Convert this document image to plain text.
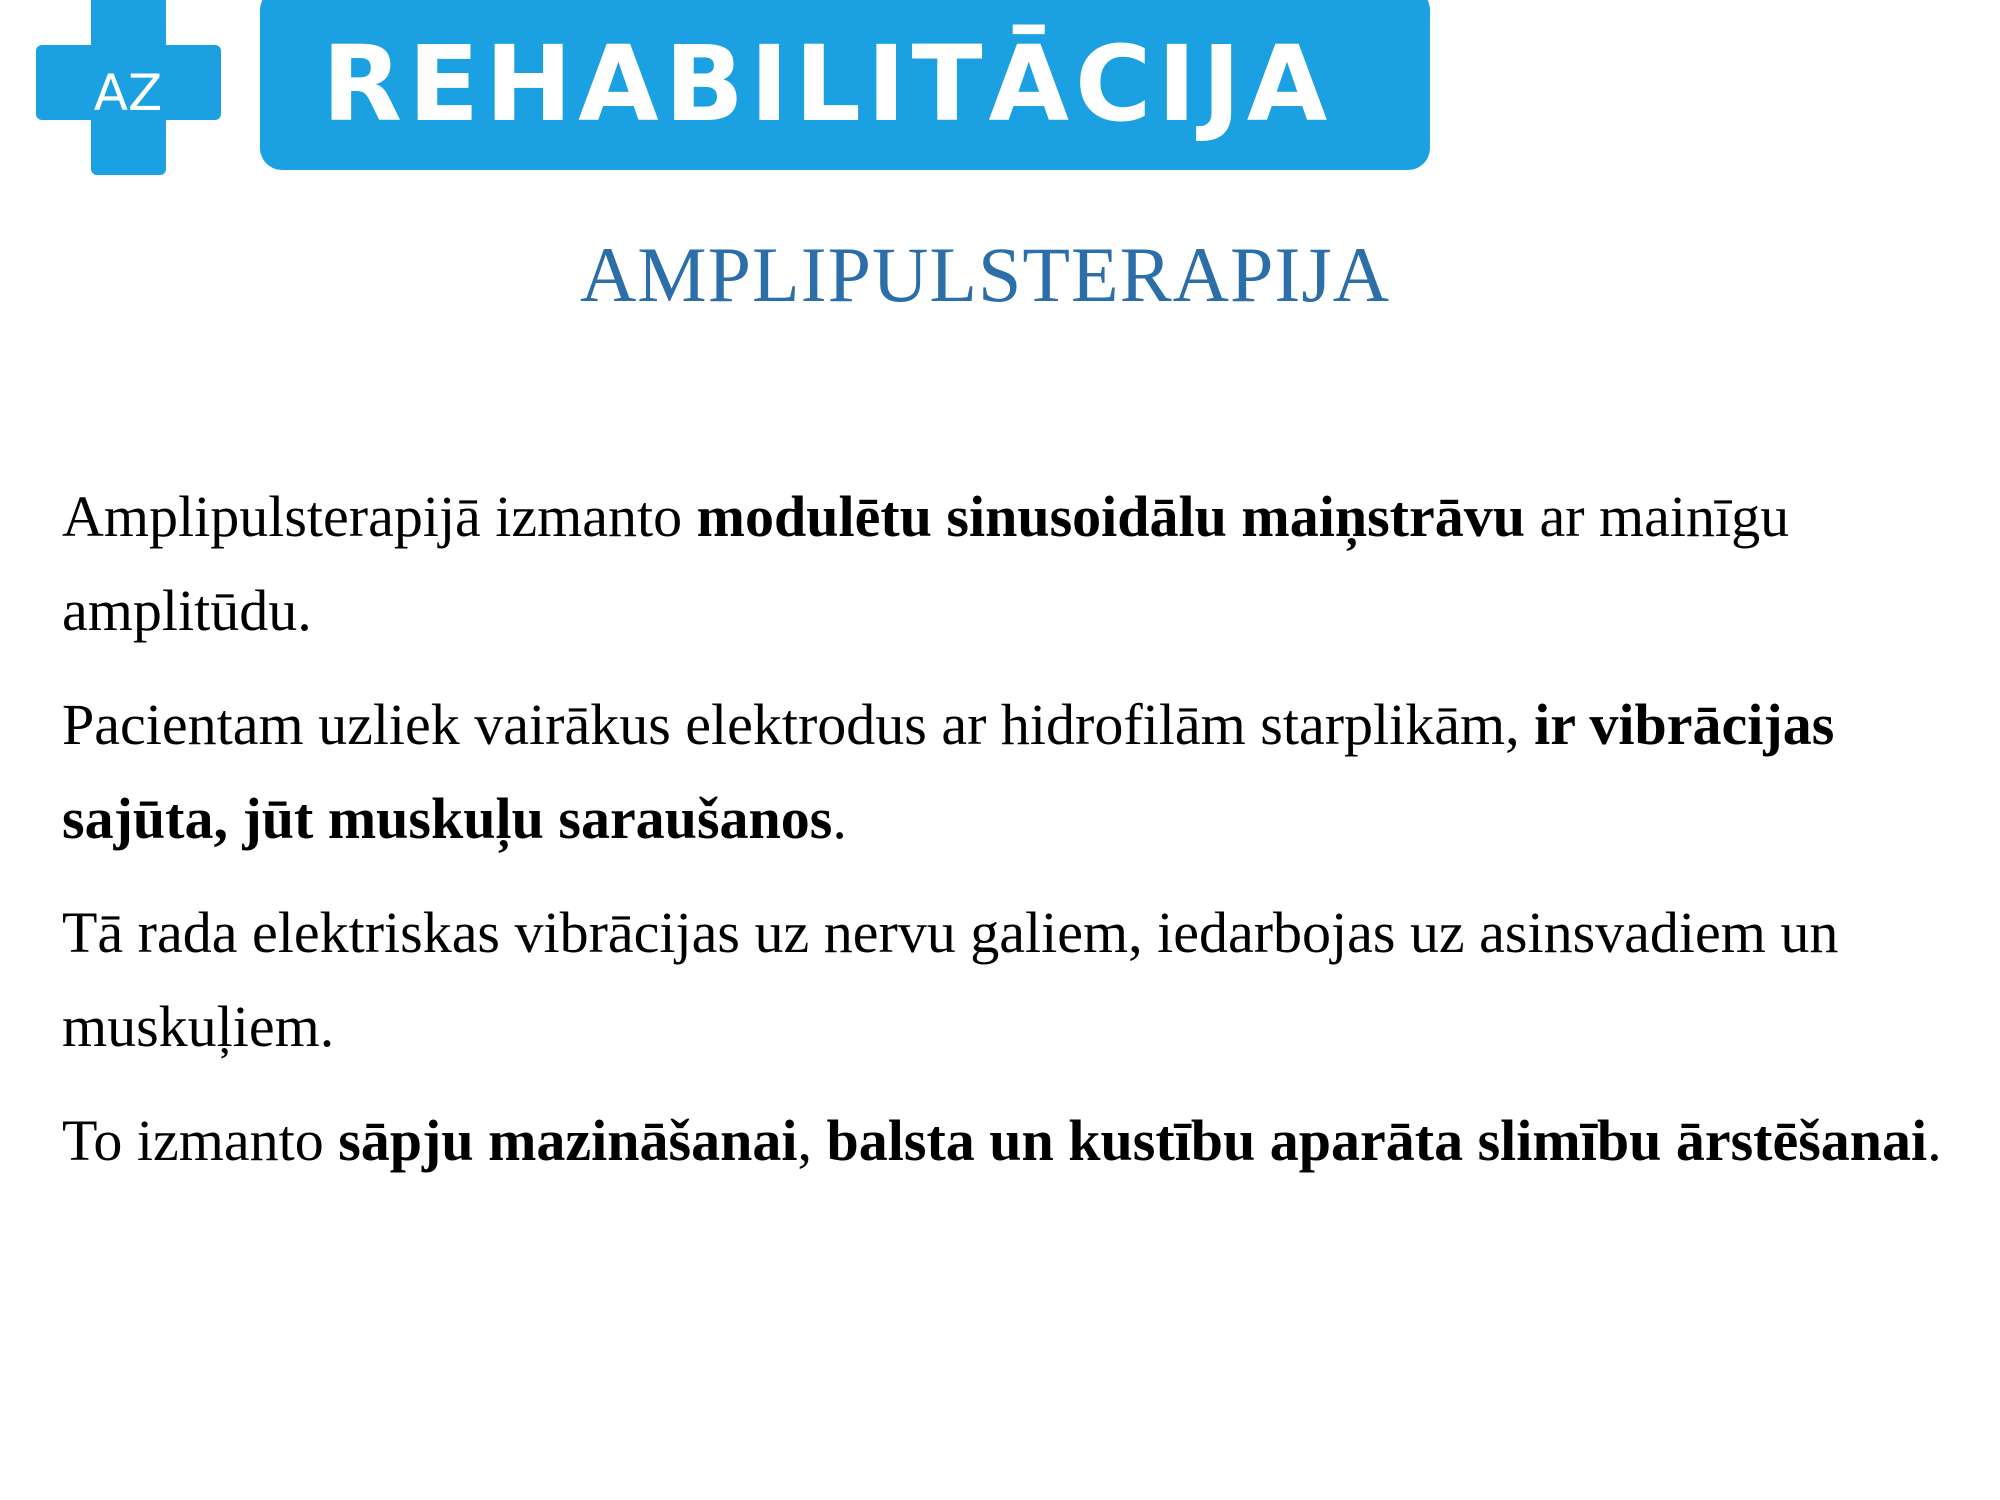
AZ REHABILITĀCIJA
AMPLIPULSTERAPIJA

Amplipulsterapijā izmanto modulētu sinusoidālu maiņstrāvu ar mainīgu amplitūdu.

Pacientam uzliek vairākus elektrodus ar hidrofilām starplikām, ir vibrācijas sajūta, jūt muskuļu saraušanos.

Tā rada elektriskas vibrācijas uz nervu galiem, iedarbojas uz asinsvadiem un muskuļiem.

To izmanto sāpju mazināšanai, balsta un kustību aparāta slimību ārstēšanai.
